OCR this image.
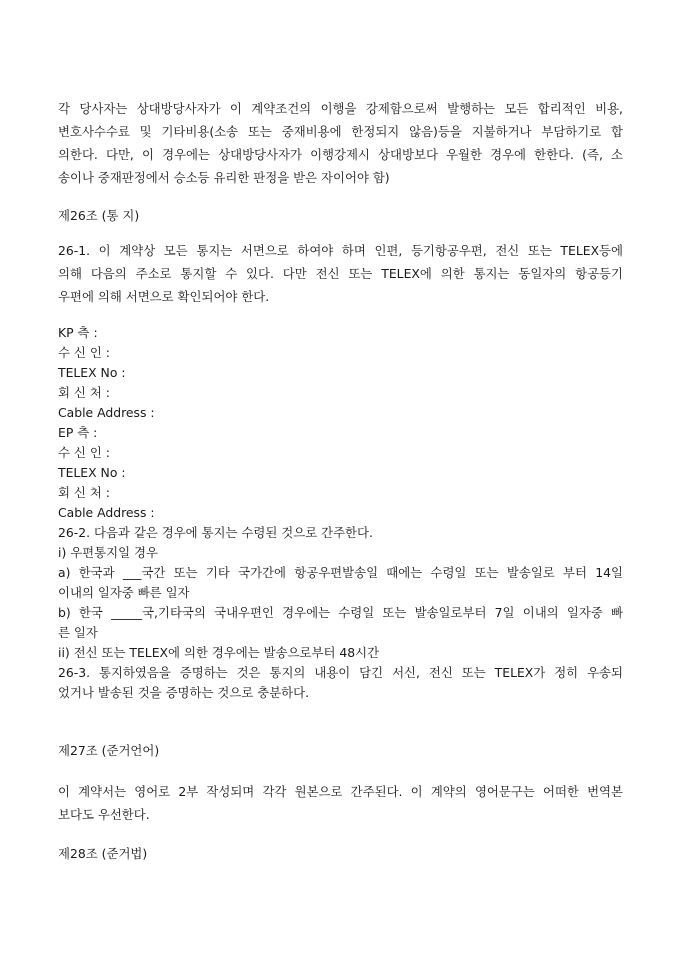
각 당사자는 상대방당사자가 이 계약조건의 이행을 강제함으로써 발행하는 모든 합리적인 비용,
변호사수수료 및 기타비용(소송 또는 중재비용에 한정되지 않음)등을 지불하거나 부담하기로 합
의한다. 다만, 이 경우에는 상대방당사자가 이행강제시 상대방보다 우월한 경우에 한한다. (즉, 소
송이나 중재판정에서 승소등 유리한 판정을 받은 자이어야 함)
제26조 (통 지)
26-1. 이 계약상 모든 통지는 서면으로 하여야 하며 인편, 등기항공우편, 전신 또는 TELEX등에
의해 다음의 주소로 통지할 수 있다. 다만 전신 또는 TELEX에 의한 통지는 동일자의 항공등기
우편에 의해 서면으로 확인되어야 한다.
KP 측 :
수 신 인 :
TELEX No :
회 신 처 :
Cable Address :
EP 측 :
수 신 인 :
TELEX No :
회 신 처 :
Cable Address :
26-2. 다음과 같은 경우에 통지는 수령된 것으로 간주한다.
i) 우편통지일 경우
a) 한국과 ___국간 또는 기타 국가간에 항공우편발송일 때에는 수령일 또는 발송일로 부터 14일
이내의 일자중 빠른 일자
b) 한국 _____국,기타국의 국내우편인 경우에는 수령일 또는 발송일로부터 7일 이내의 일자중 빠
른 일자
ii) 전신 또는 TELEX에 의한 경우에는 발송으로부터 48시간
26-3. 통지하였음을 증명하는 것은 통지의 내용이 담긴 서신, 전신 또는 TELEX가 정히 우송되
었거나 발송된 것을 증명하는 것으로 충분하다.
제27조 (준거언어)
이 계약서는 영어로 2부 작성되며 각각 원본으로 간주된다. 이 계약의 영어문구는 어떠한 번역본
보다도 우선한다.
제28조 (준거법)
